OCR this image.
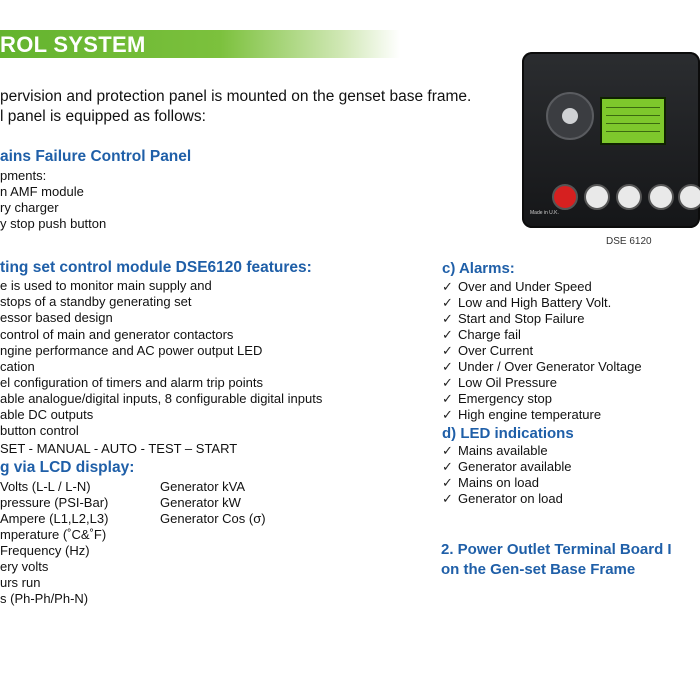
ROL SYSTEM
pervision and protection panel is mounted on the genset base frame.
l panel is equipped as follows:
ains Failure Control Panel
pments:
n AMF module
ry charger
y stop push button
ting set control module DSE6120 features:
e is used to monitor main supply and
stops of a standby generating set
essor based design
control of main and generator contactors
ngine performance and AC power output LED
cation
el configuration of timers and alarm trip points
able analogue/digital inputs, 8 configurable digital inputs
able DC outputs
button control
SET - MANUAL - AUTO - TEST – START
g via LCD display:
Volts (L-L / L-N)
pressure (PSI-Bar)
Ampere (L1,L2,L3)
mperature (˚C&˚F)
Frequency (Hz)
ery volts
urs run
s (Ph-Ph/Ph-N)
Generator kVA
Generator kW
Generator Cos (σ)
c) Alarms:
✓ Over and Under Speed
✓ Low and High Battery Volt.
✓ Start and Stop Failure
✓ Charge fail
✓ Over Current
✓ Under / Over Generator Voltage
✓ Low Oil Pressure
✓ Emergency stop
✓ High engine temperature
d) LED indications
✓ Mains available
✓ Generator available
✓ Mains on load
✓ Generator on load
2. Power Outlet Terminal Board I
on the Gen-set Base Frame
Made in U.K.
DSE 6120
